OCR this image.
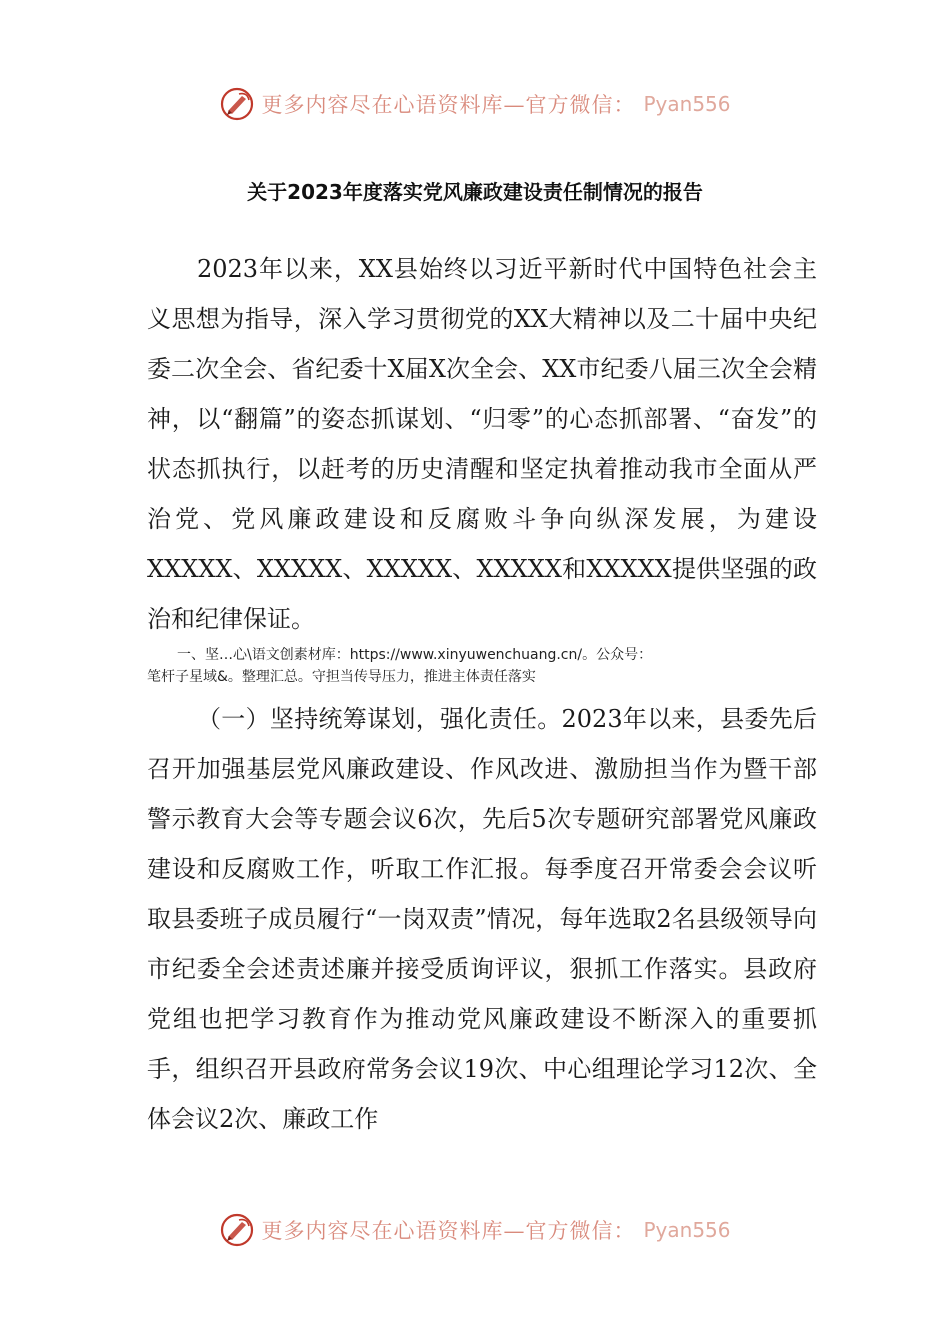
更多内容尽在心语资料库—官方微信： Pyan556
关于2023年度落实党风廉政建设责任制情况的报告

2023年以来，XX县始终以习近平新时代中国特色社会主义思想为指导，深入学习贯彻党的XX大精神以及二十届中央纪委二次全会、省纪委十X届X次全会、XX市纪委八届三次全会精神，以“翻篇”的姿态抓谋划、“归零”的心态抓部署、“奋发”的状态抓执行，以赶考的历史清醒和坚定执着推动我市全面从严治党、党风廉政建设和反腐败斗争向纵深发展，为建设XXXXX、XXXXX、XXXXX、XXXXX和XXXXX提供坚强的政治和纪律保证。

一、坚…心\语文创素材库：https://www.xinyuwenchuang.cn/。公众号：
笔杆子星域&。整理汇总。守担当传导压力，推进主体责任落实

（一）坚持统筹谋划，强化责任。2023年以来，县委先后召开加强基层党风廉政建设、作风改进、激励担当作为暨干部警示教育大会等专题会议6次，先后5次专题研究部署党风廉政建设和反腐败工作，听取工作汇报。每季度召开常委会会议听取县委班子成员履行“一岗双责”情况，每年选取2名县级领导向市纪委全会述责述廉并接受质询评议，狠抓工作落实。县政府党组也把学习教育作为推动党风廉政建设不断深入的重要抓手，组织召开县政府常务会议19次、中心组理论学习12次、全体会议2次、廉政工作

更多内容尽在心语资料库—官方微信： Pyan556
